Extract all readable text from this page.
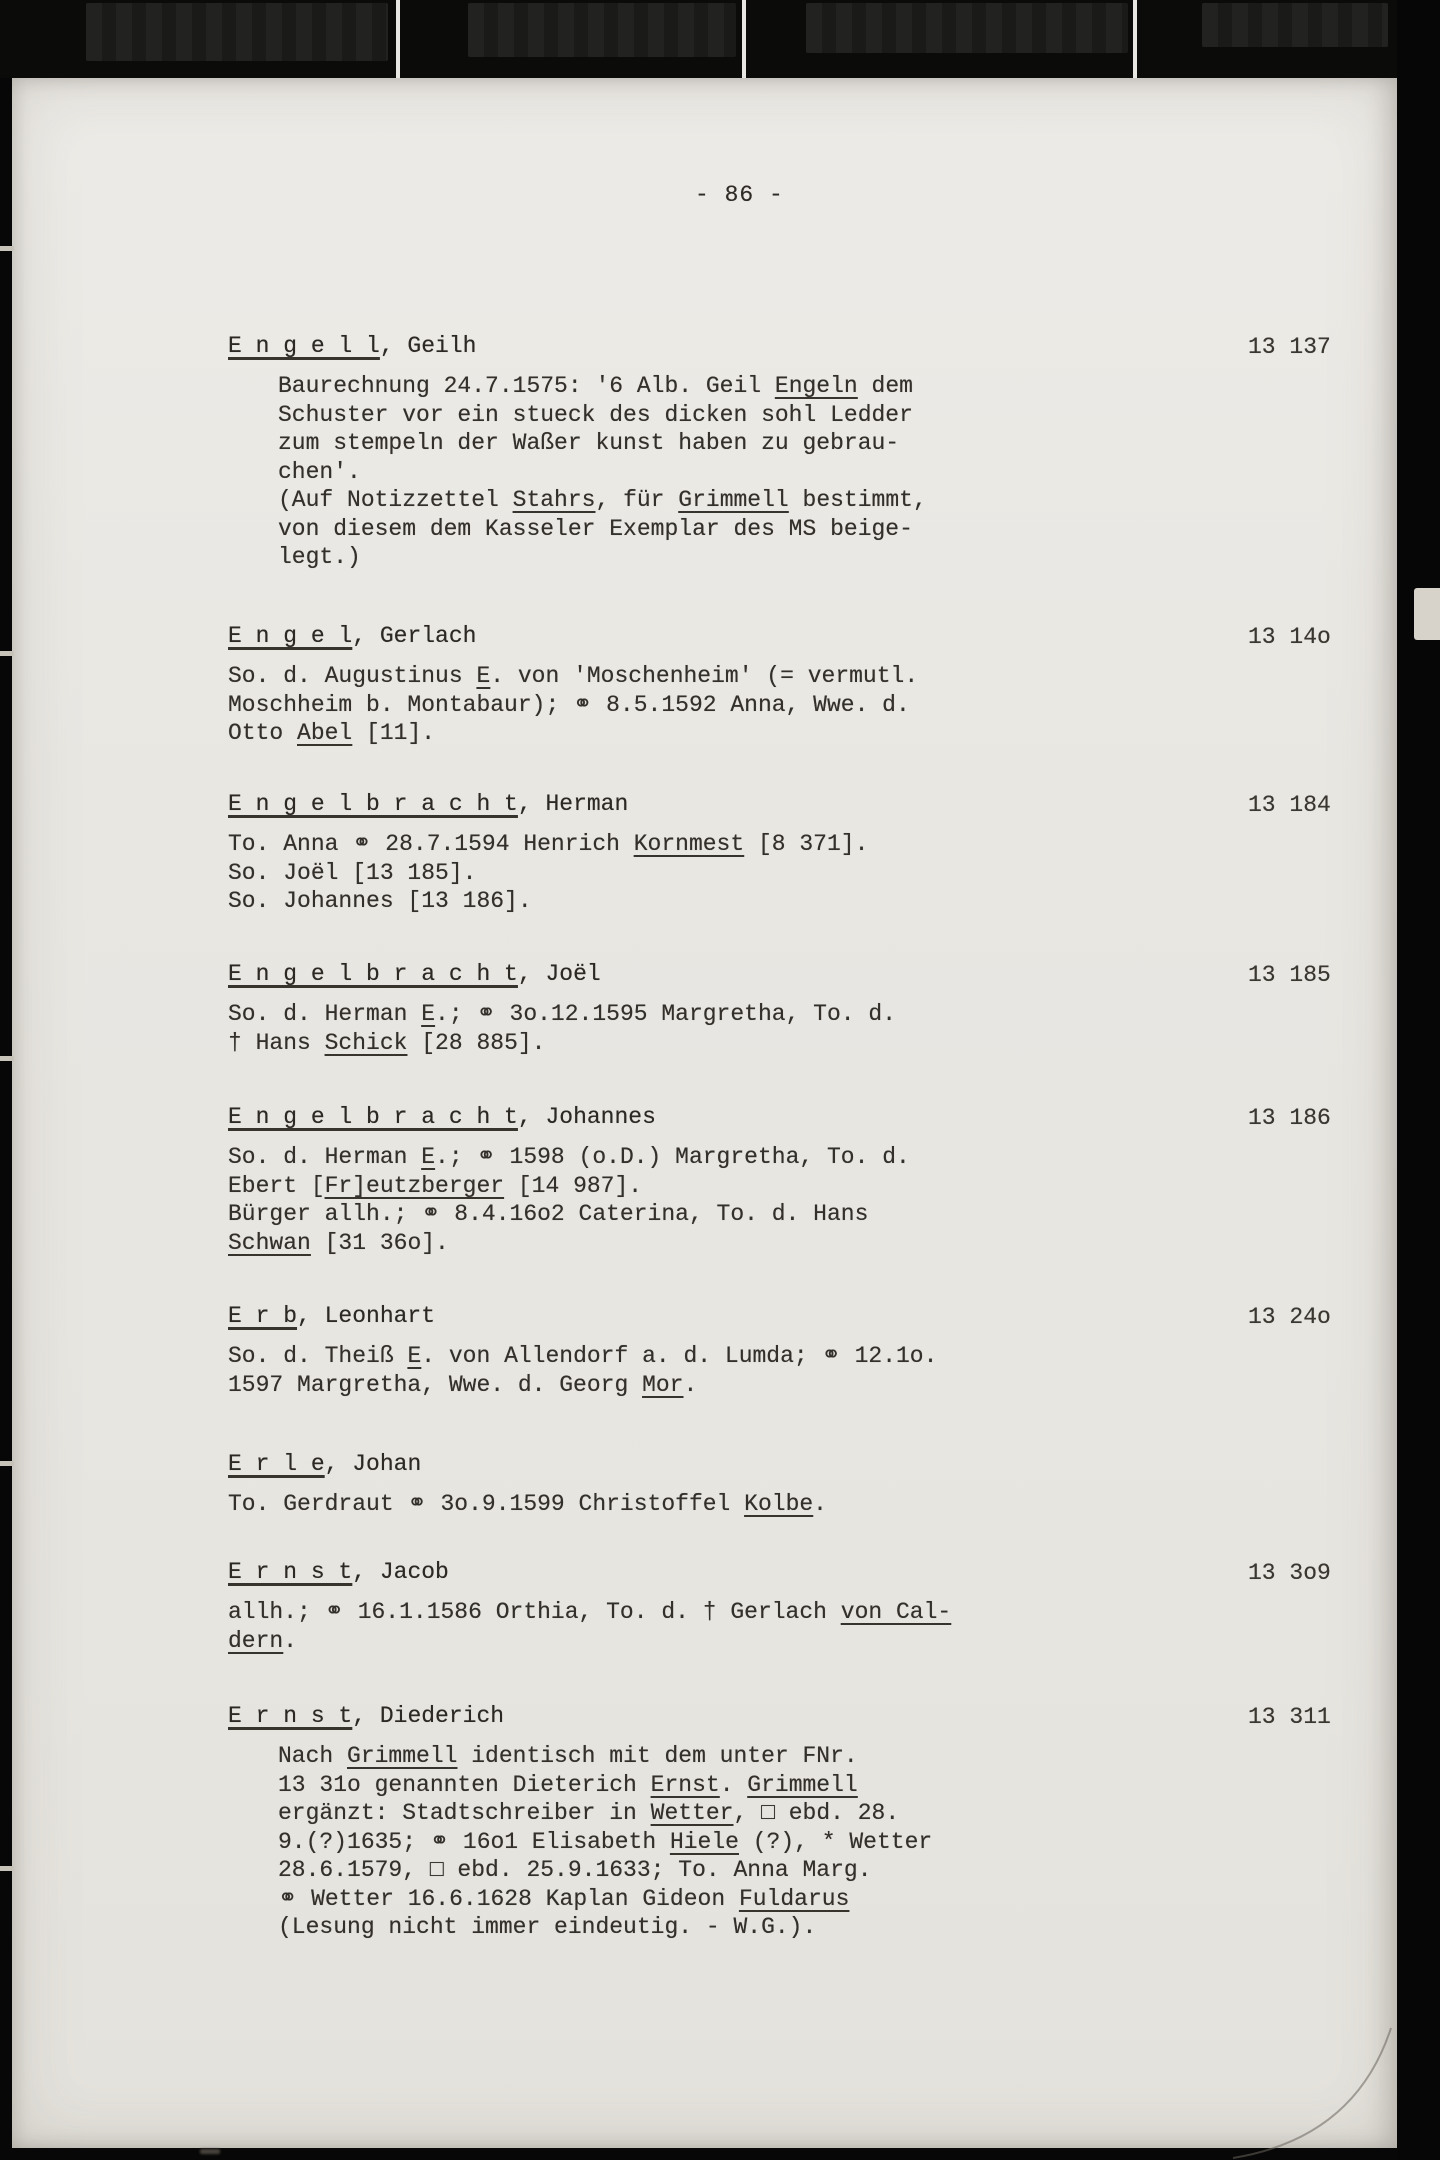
- 86 -
E n g e l l, Geilh	13 137
Baurechnung 24.7.1575: '6 Alb. Geil Engeln dem
Schuster vor ein stueck des dicken sohl Ledder
zum stempeln der Waßer kunst haben zu gebrau-
chen'.
(Auf Notizzettel Stahrs, für Grimmell bestimmt,
von diesem dem Kasseler Exemplar des MS beige-
legt.)
E n g e l, Gerlach	13 14o
So. d. Augustinus E. von 'Moschenheim' (= vermutl.
Moschheim b. Montabaur); ⚭ 8.5.1592 Anna, Wwe. d.
Otto Abel [11].
E n g e l b r a c h t, Herman	13 184
To. Anna ⚭ 28.7.1594 Henrich Kornmest [8 371].
So. Joël [13 185].
So. Johannes [13 186].
E n g e l b r a c h t, Joël	13 185
So. d. Herman E.; ⚭ 3o.12.1595 Margretha, To. d.
† Hans Schick [28 885].
E n g e l b r a c h t, Johannes	13 186
So. d. Herman E.; ⚭ 1598 (o.D.) Margretha, To. d.
Ebert [Fr]eutzberger [14 987].
Bürger allh.; ⚭ 8.4.16o2 Caterina, To. d. Hans
Schwan [31 36o].
E r b, Leonhart	13 24o
So. d. Theiß E. von Allendorf a. d. Lumda; ⚭ 12.1o.
1597 Margretha, Wwe. d. Georg Mor.
E r l e, Johan
To. Gerdraut ⚭ 3o.9.1599 Christoffel Kolbe.
E r n s t, Jacob	13 3o9
allh.; ⚭ 16.1.1586 Orthia, To. d. † Gerlach von Cal-
dern.
E r n s t, Diederich	13 311
Nach Grimmell identisch mit dem unter FNr.
13 31o genannten Dieterich Ernst. Grimmell
ergänzt: Stadtschreiber in Wetter, □ ebd. 28.
9.(?)1635; ⚭ 16o1 Elisabeth Hiele (?), * Wetter
28.6.1579, □ ebd. 25.9.1633; To. Anna Marg.
⚭ Wetter 16.6.1628 Kaplan Gideon Fuldarus
(Lesung nicht immer eindeutig. - W.G.).
